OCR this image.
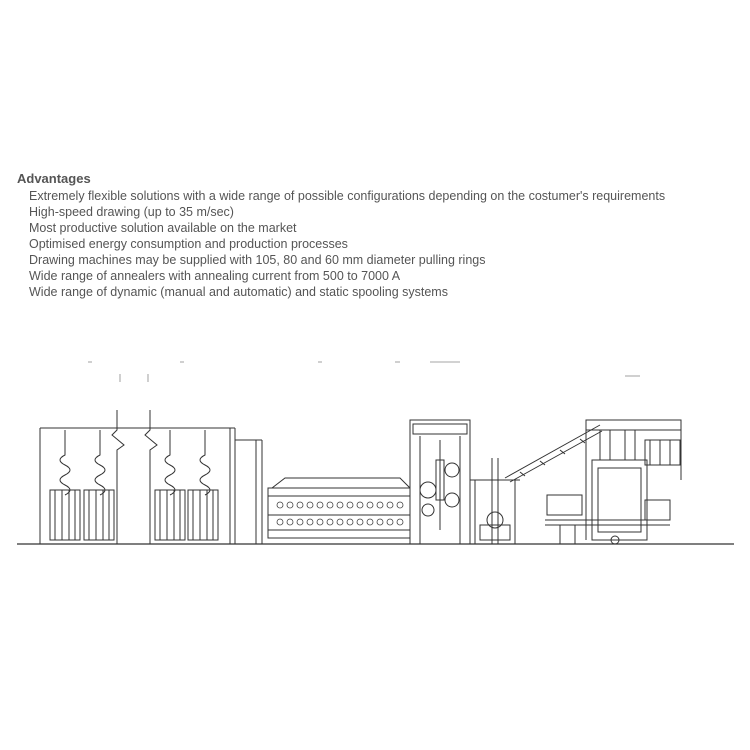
Advantages
Extremely flexible solutions with a wide range of possible configurations depending on the costumer's requirements
High-speed drawing (up to 35 m/sec)
Most productive solution available on the market
Optimised energy consumption and production processes
Drawing machines may be supplied with 105, 80 and 60 mm diameter pulling rings
Wide range of annealers with annealing current from 500 to 7000 A
Wide range of dynamic (manual and automatic) and static spooling systems
